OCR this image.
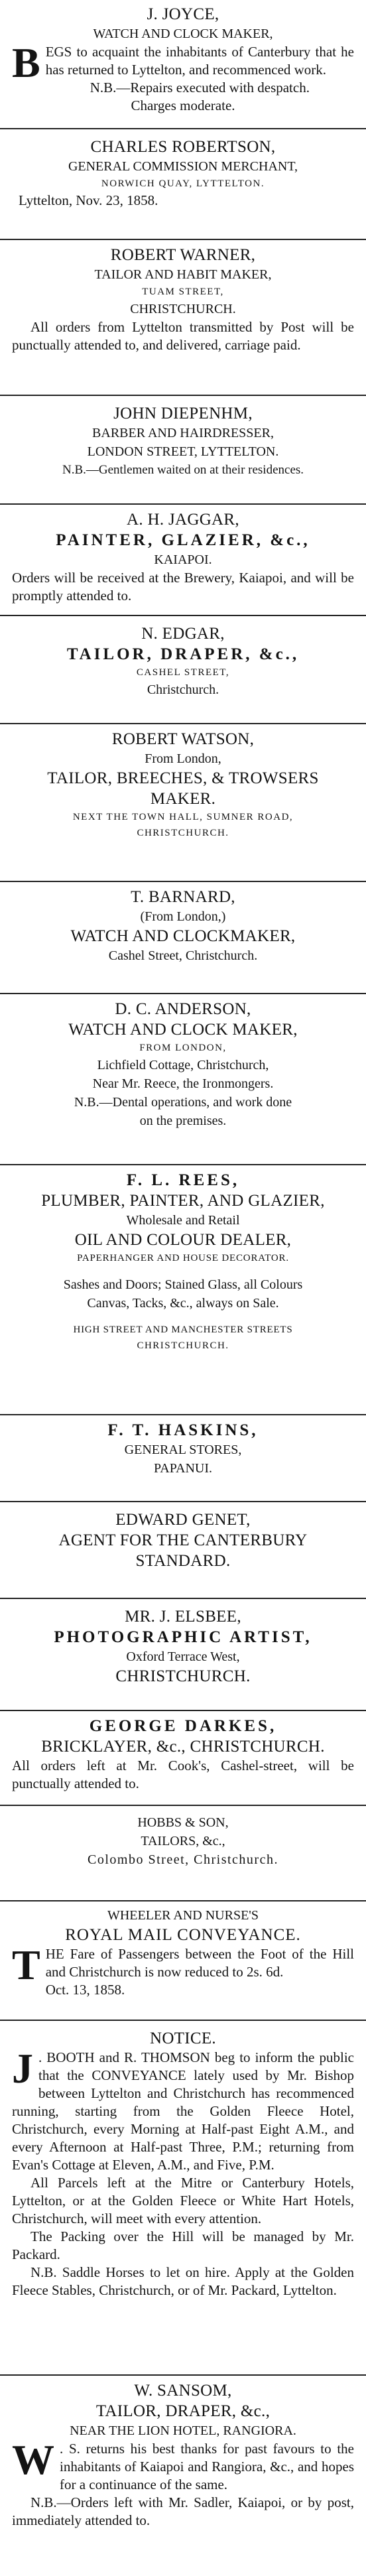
J. JOYCE,
WATCH AND CLOCK MAKER,
BEGS to acquaint the inhabitants of Canterbury that he has returned to Lyttelton, and recommenced work.
N.B.—Repairs executed with despatch.
Charges moderate.
CHARLES ROBERTSON,
GENERAL COMMISSION MERCHANT,
NORWICH QUAY, LYTTELTON.
Lyttelton, Nov. 23, 1858.
ROBERT WARNER,
TAILOR AND HABIT MAKER,
TUAM STREET,
CHRISTCHURCH.
All orders from Lyttelton transmitted by Post will be punctually attended to, and delivered, carriage paid.
JOHN DIEPENHM,
BARBER AND HAIRDRESSER,
LONDON STREET, LYTTELTON.
N.B.—Gentlemen waited on at their residences.
A. H. JAGGAR,
PAINTER, GLAZIER, &c.,
KAIAPOI.
Orders will be received at the Brewery, Kaiapoi, and will be promptly attended to.
N. EDGAR,
TAILOR, DRAPER, &c.,
CASHEL STREET,
Christchurch.
ROBERT WATSON,
From London,
TAILOR, BREECHES, & TROWSERS
MAKER.
NEXT THE TOWN HALL, SUMNER ROAD,
CHRISTCHURCH.
T. BARNARD,
(From London,)
WATCH AND CLOCKMAKER,
Cashel Street, Christchurch.
D. C. ANDERSON,
WATCH AND CLOCK MAKER,
FROM LONDON,
Lichfield Cottage, Christchurch,
Near Mr. Reece, the Ironmongers.
N.B.—Dental operations, and work done
on the premises.
F. L. REES,
PLUMBER, PAINTER, AND GLAZIER,
Wholesale and Retail
OIL AND COLOUR DEALER,
PAPERHANGER AND HOUSE DECORATOR.
Sashes and Doors; Stained Glass, all Colours
Canvas, Tacks, &c., always on Sale.
HIGH STREET AND MANCHESTER STREETS
CHRISTCHURCH.
F. T. HASKINS,
GENERAL STORES,
PAPANUI.
EDWARD GENET,
AGENT FOR THE CANTERBURY
STANDARD.
MR. J. ELSBEE,
PHOTOGRAPHIC ARTIST,
Oxford Terrace West,
CHRISTCHURCH.
GEORGE DARKES,
BRICKLAYER, &c., CHRISTCHURCH.
All orders left at Mr. Cook's, Cashel-street, will be punctually attended to.
HOBBS & SON,
TAILORS, &c.,
Colombo Street, Christchurch.
WHEELER AND NURSE'S
ROYAL MAIL CONVEYANCE.
THE Fare of Passengers between the Foot of the Hill and Christchurch is now reduced to 2s. 6d.
Oct. 13, 1858.
NOTICE.
J . BOOTH and R. THOMSON beg to inform the public that the CONVEYANCE lately used by Mr. Bishop between Lyttelton and Christchurch has recommenced running, starting from the Golden Fleece Hotel, Christchurch, every Morning at Half-past Eight A.M., and every Afternoon at Half-past Three, P.M.; returning from Evan's Cottage at Eleven, A.M., and Five, P.M.
All Parcels left at the Mitre or Canterbury Hotels, Lyttelton, or at the Golden Fleece or White Hart Hotels, Christchurch, will meet with every attention.
The Packing over the Hill will be managed by Mr. Packard.
N.B. Saddle Horses to let on hire. Apply at the Golden Fleece Stables, Christchurch, or of Mr. Packard, Lyttelton.
W. SANSOM,
TAILOR, DRAPER, &c.,
NEAR THE LION HOTEL, RANGIORA.
W . S. returns his best thanks for past favours to the inhabitants of Kaiapoi and Rangiora, &c., and hopes for a continuance of the same.
N.B.—Orders left with Mr. Sadler, Kaiapoi, or by post, immediately attended to.
